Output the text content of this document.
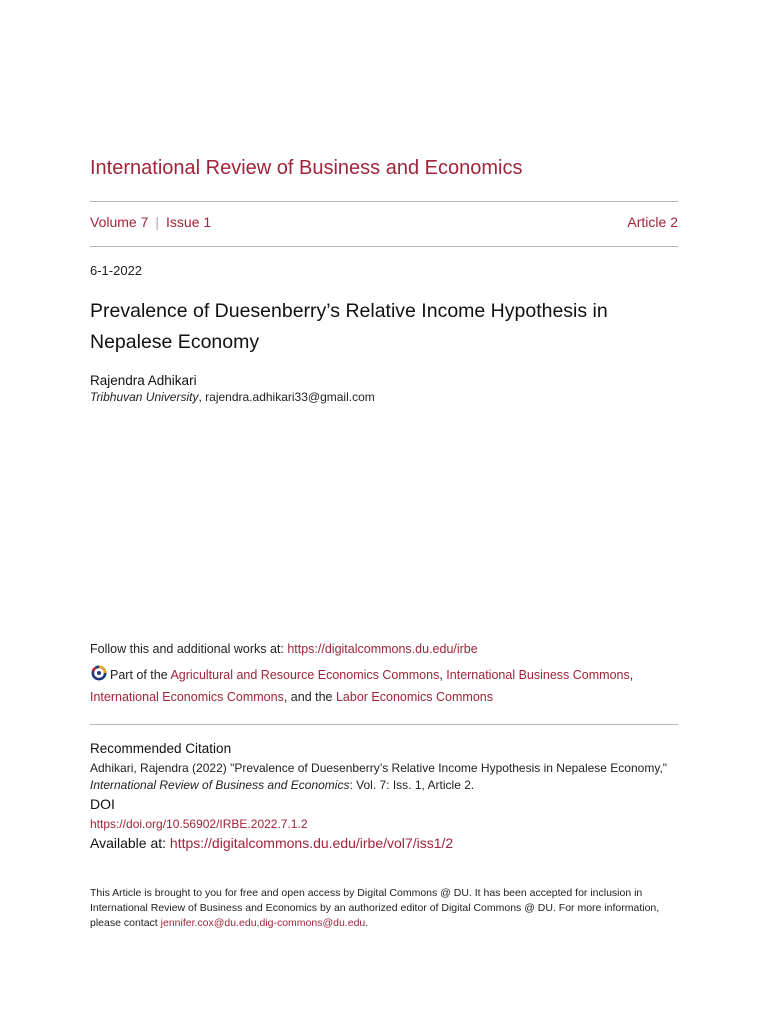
International Review of Business and Economics
Volume 7 | Issue 1	Article 2
6-1-2022
Prevalence of Duesenberry’s Relative Income Hypothesis in Nepalese Economy
Rajendra Adhikari
Tribhuvan University, rajendra.adhikari33@gmail.com
Follow this and additional works at: https://digitalcommons.du.edu/irbe
Part of the Agricultural and Resource Economics Commons, International Business Commons,
International Economics Commons, and the Labor Economics Commons
Recommended Citation
Adhikari, Rajendra (2022) "Prevalence of Duesenberry’s Relative Income Hypothesis in Nepalese Economy," International Review of Business and Economics: Vol. 7: Iss. 1, Article 2.
DOI
https://doi.org/10.56902/IRBE.2022.7.1.2
Available at: https://digitalcommons.du.edu/irbe/vol7/iss1/2
This Article is brought to you for free and open access by Digital Commons @ DU. It has been accepted for inclusion in International Review of Business and Economics by an authorized editor of Digital Commons @ DU. For more information, please contact jennifer.cox@du.edu,dig-commons@du.edu.
